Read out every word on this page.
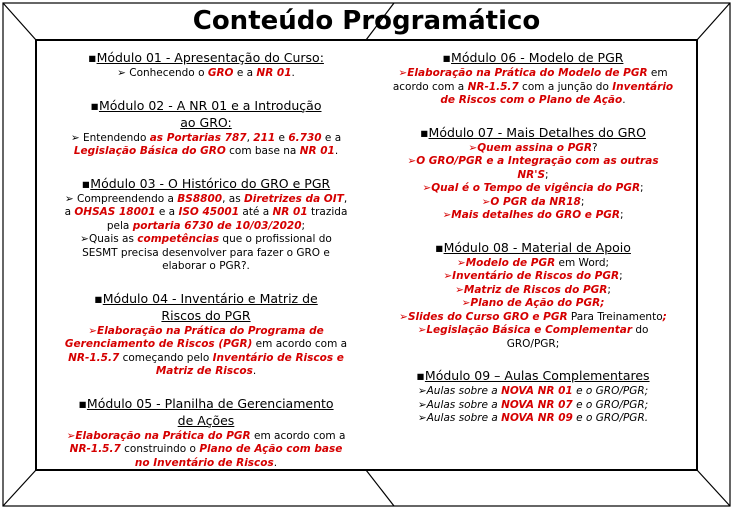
Conteúdo Programático
▪Módulo 01 - Apresentação do Curso:
➢ Conhecendo o GRO e a NR 01.
▪Módulo 02 - A NR 01 e a Introdução
ao GRO:
➢ Entendendo as Portarias 787, 211 e 6.730 e a
Legislação Básica do GRO com base na NR 01.
▪Módulo 03 - O Histórico do GRO e PGR
➢ Compreendendo a BS8800, as Diretrizes da OIT,
a OHSAS 18001 e a ISO 45001 até a NR 01 trazida
pela portaria 6730 de 10/03/2020;
➢Quais as competências que o profissional do
SESMT precisa desenvolver para fazer o GRO e
elaborar o PGR?.
▪Módulo 04 - Inventário e Matriz de
Riscos do PGR
➢Elaboração na Prática do Programa de
Gerenciamento de Riscos (PGR) em acordo com a
NR-1.5.7 começando pelo Inventário de Riscos e
Matriz de Riscos.
▪Módulo 05 - Planilha de Gerenciamento
de Ações
➢Elaboração na Prática do PGR em acordo com a
NR-1.5.7 construindo o Plano de Ação com base
no Inventário de Riscos.
▪Módulo 06 - Modelo de PGR
➢Elaboração na Prática do Modelo de PGR em
acordo com a NR-1.5.7 com a junção do Inventário
de Riscos com o Plano de Ação.
▪Módulo 07 - Mais Detalhes do GRO
➢Quem assina o PGR?
➢O GRO/PGR e a Integração com as outras
NR'S;
➢Qual é o Tempo de vigência do PGR;
➢O PGR da NR18;
➢Mais detalhes do GRO e PGR;
▪Módulo 08 - Material de Apoio
➢Modelo de PGR em Word;
➢Inventário de Riscos do PGR;
➢Matriz de Riscos do PGR;
➢Plano de Ação do PGR;
➢Slides do Curso GRO e PGR Para Treinamento;
➢Legislação Básica e Complementar do
GRO/PGR;
▪Módulo 09 – Aulas Complementares
➢Aulas sobre a NOVA NR 01 e o GRO/PGR;
➢Aulas sobre a NOVA NR 07 e o GRO/PGR;
➢Aulas sobre a NOVA NR 09 e o GRO/PGR.
